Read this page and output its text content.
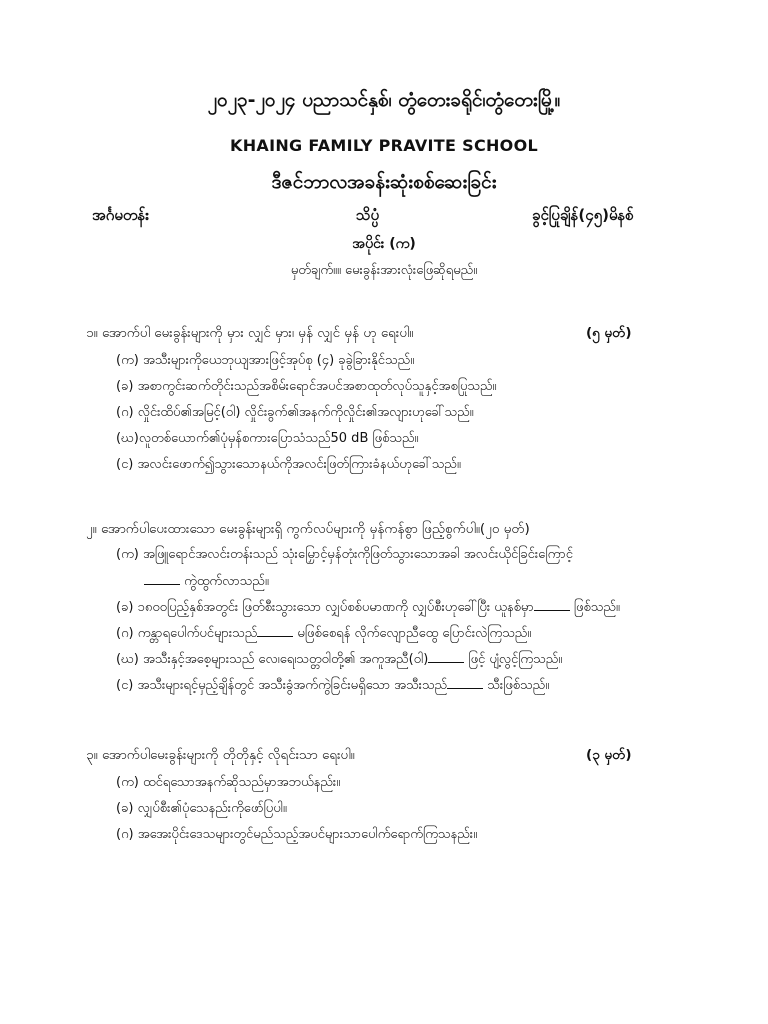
၂၀၂၃-၂၀၂၄ ပညာသင်နှစ်၊ တွံတေးခရိုင်၊တွံတေးမြို့။
KHAING FAMILY PRAVITE SCHOOL
ဒီဇင်ဘာလအခန်းဆုံးစစ်ဆေးခြင်း
အင်္ဂမတန်း	သိပ္ပံ	ခွင့်ပြုချိန်(၄၅)မိနစ်
အပိုင်း (က)
မှတ်ချက်။။ မေးခွန်းအားလုံးဖြေဆိုရမည်။
၁။ အောက်ပါ မေးခွန်းများကို မှား လျှင် မှား၊ မှန် လျှင် မှန် ဟု ရေးပါ။	(၅ မှတ်)
(က) အသီးများကိုယေဘုယျအားဖြင့်အုပ်စု (၄) ခုခွဲခြားနိုင်သည်။
(ခ) အစာကွင်းဆက်တိုင်းသည်အစိမ်းရောင်အပင်အစာထုတ်လုပ်သူနှင့်အစပြုသည်။
(ဂ) လှိုင်းထိပ်၏အမြင့်(ဝါ) လှိုင်းခွက်၏အနက်ကိုလှိုင်း၏အလျားဟုခေါ်သည်။
(ဃ)လူတစ်ယောက်၏ပုံမှန်စကားပြောသံသည်50 dB ဖြစ်သည်။
(င) အလင်းဖောက်၍သွားသောနယ်ကိုအလင်းဖြတ်ကြားခံနယ်ဟုခေါ်သည်။
၂။ အောက်ပါပေးထားသော မေးခွန်းများရှိ ကွက်လပ်များကို မှန်ကန်စွာ ဖြည့်စွက်ပါ။(၂၀ မှတ်)
(က) အဖြူရောင်အလင်းတန်းသည် သုံးမြှောင့်မှန်တုံးကိုဖြတ်သွားသောအခါ အလင်းယိုင်ခြင်းကြောင့်
ကွဲထွက်လာသည်။
(ခ) ၁၈ဝ၀ပြည့်နှစ်အတွင်း ဖြတ်စီးသွားသော လျှပ်စစ်ပမာဏကို လျှပ်စီးဟုခေါ်ပြီး ယူနစ်မှာ	ဖြစ်သည်။
(ဂ) ကန္တာရပေါက်ပင်များသည်	မဖြစ်စေရန် လိုက်လျောညီထွေ ပြောင်းလဲကြသည်။
(ဃ) အသီးနှင့်အစေ့များသည် လေ၊ရေ၊သတ္တဝါတို့၏ အကူအညီ(ဝါ)	ဖြင့် ပျံ့လွင့်ကြသည်။
(င) အသီးများရင့်မှည့်ချိန်တွင် အသီးခွံအက်ကွဲခြင်းမရှိသော အသီးသည်	သီးဖြစ်သည်။
၃။ အောက်ပါမေးခွန်းများကို တိုတိုနှင့် လိုရင်းသာ ရေးပါ။	(၃ မှတ်)
(က) ထင်ရသောအနက်ဆိုသည်မှာအဘယ်နည်း။
(ခ) လျှပ်စီး၏ပုံသေနည်းကိုဖော်ပြပါ။
(ဂ) အအေးပိုင်းဒေသများတွင်မည်သည့်အပင်များသာပေါက်ရောက်ကြသနည်း။
